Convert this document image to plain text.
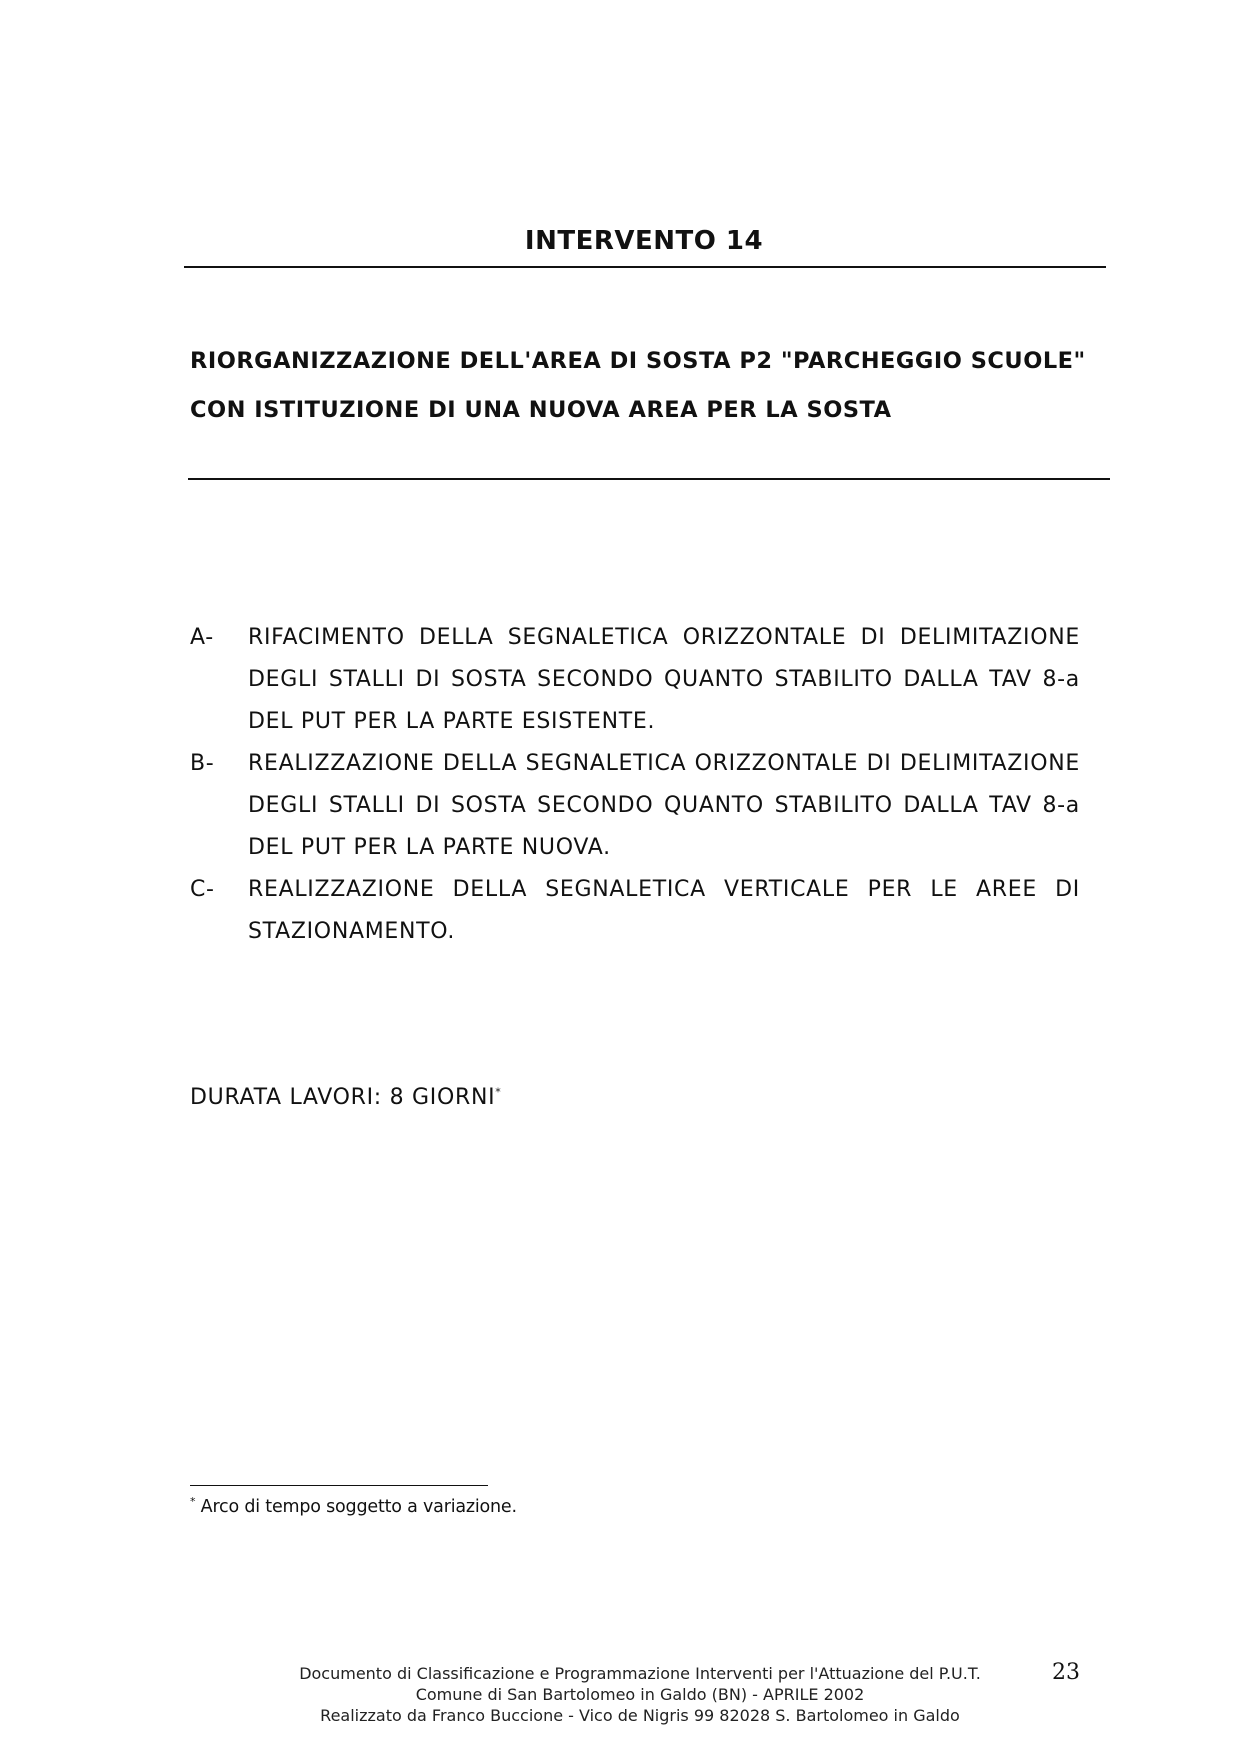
INTERVENTO 14
RIORGANIZZAZIONE DELL'AREA DI SOSTA P2 "PARCHEGGIO SCUOLE"
CON ISTITUZIONE DI UNA NUOVA AREA PER LA SOSTA
A- RIFACIMENTO DELLA SEGNALETICA ORIZZONTALE DI DELIMITAZIONE DEGLI STALLI DI SOSTA SECONDO QUANTO STABILITO DALLA TAV 8-a DEL PUT PER LA PARTE ESISTENTE.
B- REALIZZAZIONE DELLA SEGNALETICA ORIZZONTALE DI DELIMITAZIONE DEGLI STALLI DI SOSTA SECONDO QUANTO STABILITO DALLA TAV 8-a DEL PUT PER LA PARTE NUOVA.
C- REALIZZAZIONE DELLA SEGNALETICA VERTICALE PER LE AREE DI STAZIONAMENTO.
DURATA LAVORI: 8 GIORNI*
* Arco di tempo soggetto a variazione.
Documento di Classificazione e Programmazione Interventi per l'Attuazione del P.U.T.
Comune di San Bartolomeo in Galdo (BN) - APRILE 2002
Realizzato da Franco Buccione - Vico de Nigris 99 82028 S. Bartolomeo in Galdo
23
